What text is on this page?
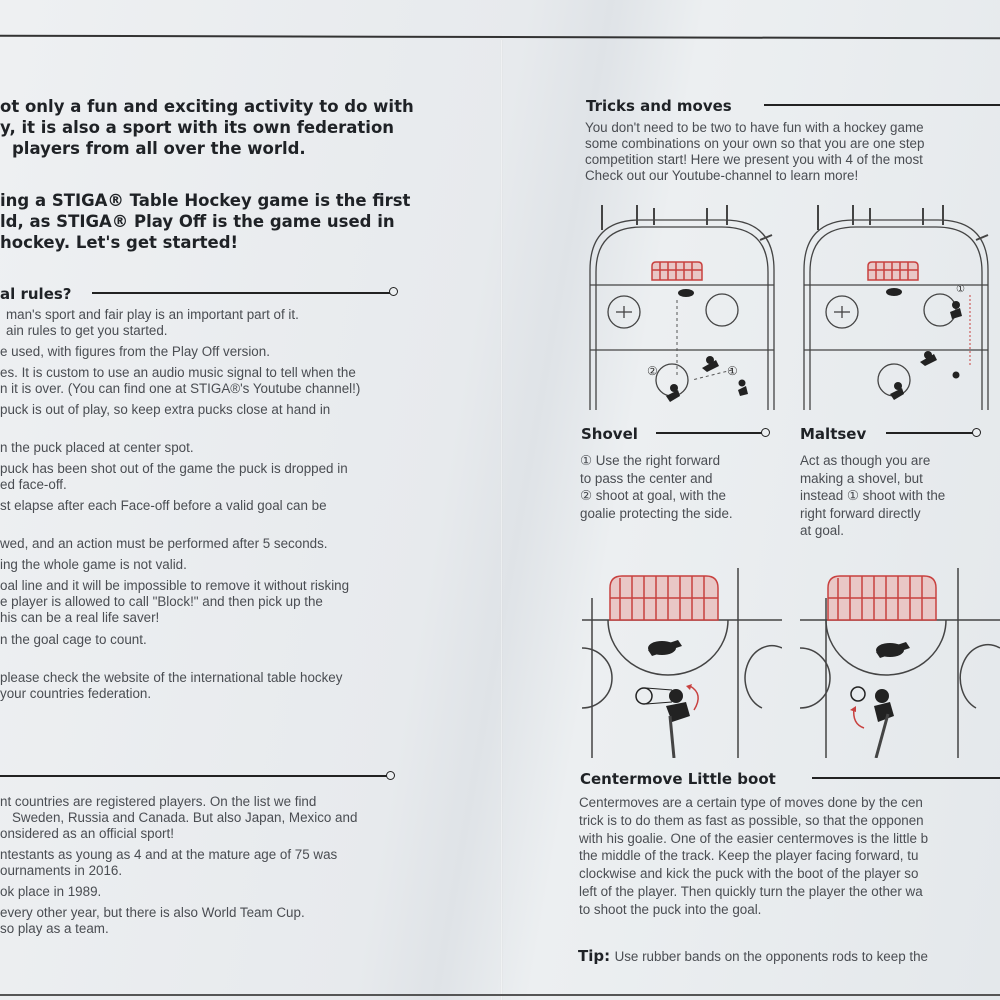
ot only a fun and exciting activity to do with
y, it is also a sport with its own federation
players from all over the world.
ing a STIGA® Table Hockey game is the first
ld, as STIGA® Play Off is the game used in
hockey. Let's get started!
al rules?
man's sport and fair play is an important part of it.
ain rules to get you started.
e used, with figures from the Play Off version.
es. It is custom to use an audio music signal to tell when the
n it is over. (You can find one at STIGA®'s Youtube channel!)
puck is out of play, so keep extra pucks close at hand in
n the puck placed at center spot.
puck has been shot out of the game the puck is dropped in
ed face-off.
st elapse after each Face-off before a valid goal can be
wed, and an action must be performed after 5 seconds.
ing the whole game is not valid.
oal line and it will be impossible to remove it without risking
e player is allowed to call "Block!" and then pick up the
his can be a real life saver!
n the goal cage to count.
please check the website of the international table hockey
your countries federation.
nt countries are registered players. On the list we find
Sweden, Russia and Canada. But also Japan, Mexico and
onsidered as an official sport!
ntestants as young as 4 and at the mature age of 75 was
ournaments in 2016.
ok place in 1989.
every other year, but there is also World Team Cup.
so play as a team.
Tricks and moves
You don't need to be two to have fun with a hockey game
some combinations on your own so that you are one step
competition start! Here we present you with 4 of the most
Check out our Youtube-channel to learn more!
②	①
①
Shovel	Maltsev
① Use the right forward
to pass the center and
② shoot at goal, with the
goalie protecting the side.
Act as though you are
making a shovel, but
instead ① shoot with the
right forward directly
at goal.
Centermove Little boot
Centermoves are a certain type of moves done by the cen
trick is to do them as fast as possible, so that the opponen
with his goalie. One of the easier centermoves is the little b
the middle of the track. Keep the player facing forward, tu
clockwise and kick the puck with the boot of the player so
left of the player. Then quickly turn the player the other wa
to shoot the puck into the goal.
Tip: Use rubber bands on the opponents rods to keep the
